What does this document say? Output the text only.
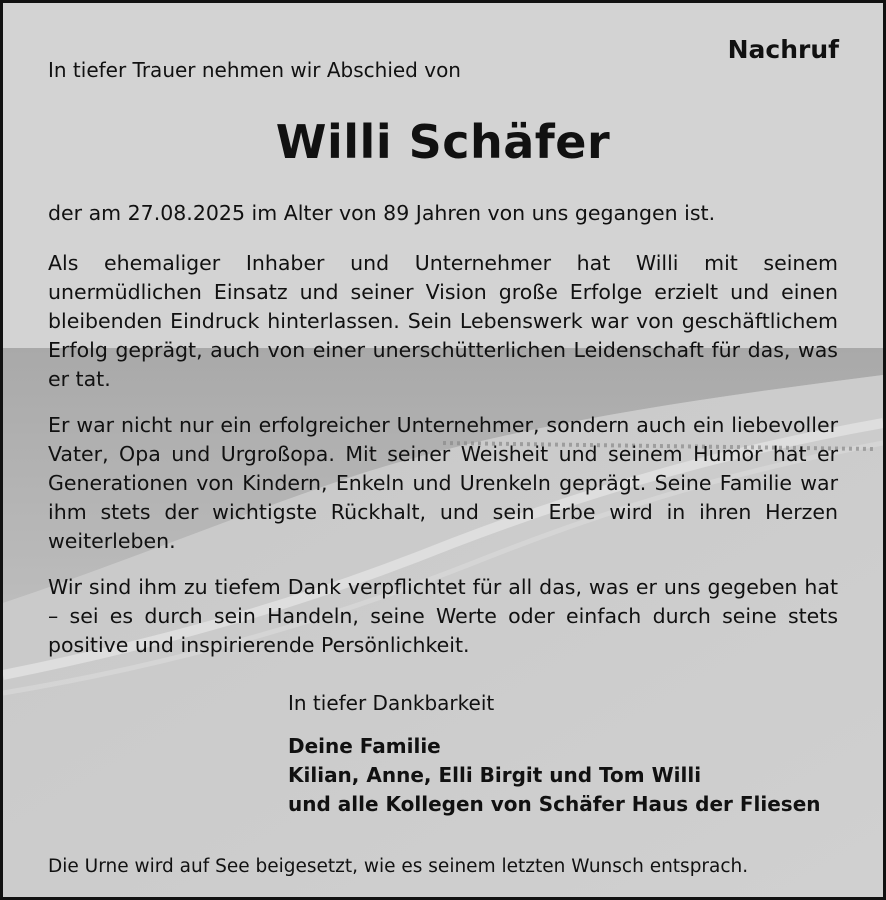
Nachruf
In tiefer Trauer nehmen wir Abschied von
Willi Schäfer
der am 27.08.2025 im Alter von 89 Jahren von uns gegangen ist.
Als ehemaliger Inhaber und Unternehmer hat Willi mit seinem unermüdlichen Einsatz und seiner Vision große Erfolge erzielt und einen bleibenden Eindruck hinterlassen. Sein Lebenswerk war von geschäftlichem Erfolg geprägt, auch von einer unerschütterlichen Leidenschaft für das, was er tat.
Er war nicht nur ein erfolgreicher Unternehmer, sondern auch ein liebevoller Vater, Opa und Urgroßopa. Mit seiner Weisheit und seinem Humor hat er Generationen von Kindern, Enkeln und Urenkeln geprägt. Seine Familie war ihm stets der wichtigste Rückhalt, und sein Erbe wird in ihren Herzen weiterleben.
Wir sind ihm zu tiefem Dank verpflichtet für all das, was er uns gegeben hat – sei es durch sein Handeln, seine Werte oder einfach durch seine stets positive und inspirierende Persönlichkeit.
In tiefer Dankbarkeit
Deine Familie
Kilian, Anne, Elli Birgit und Tom Willi
und alle Kollegen von Schäfer Haus der Fliesen
Die Urne wird auf See beigesetzt, wie es seinem letzten Wunsch entsprach.
